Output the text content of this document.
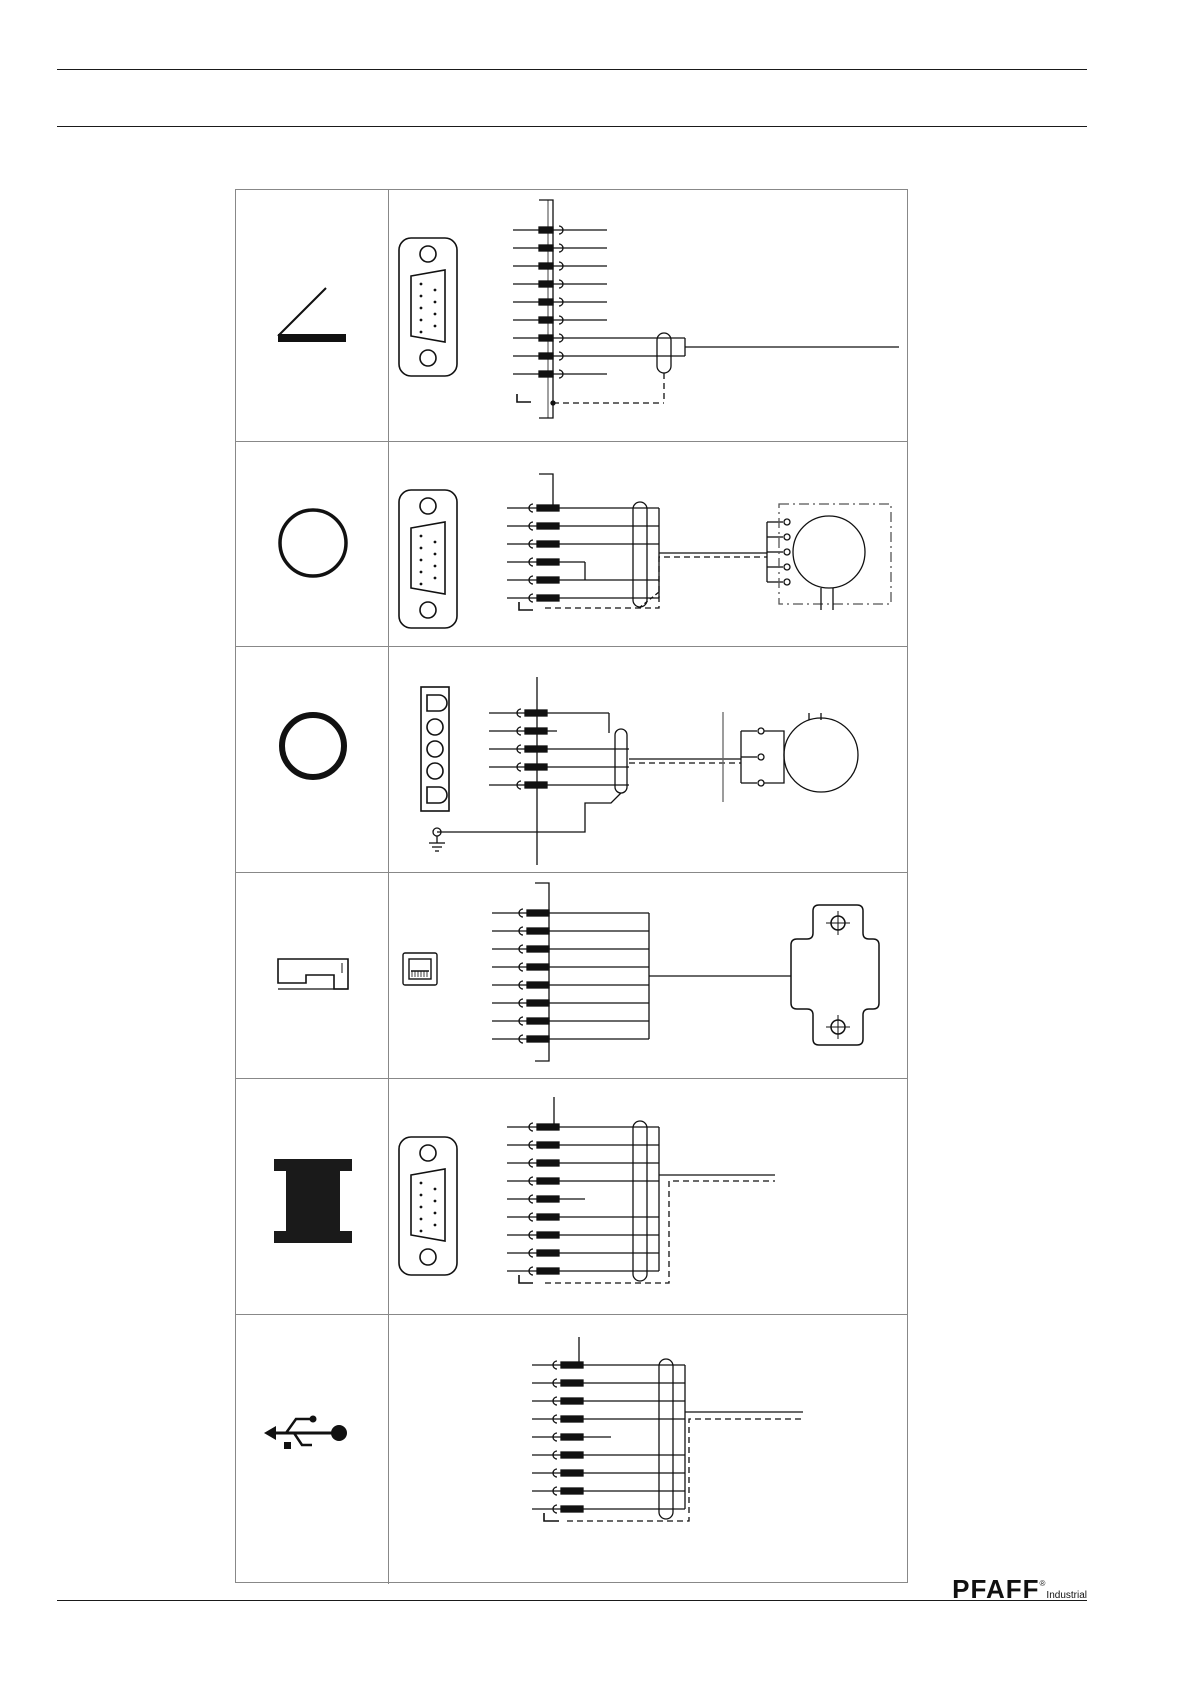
PFAFF ®
Industrial
